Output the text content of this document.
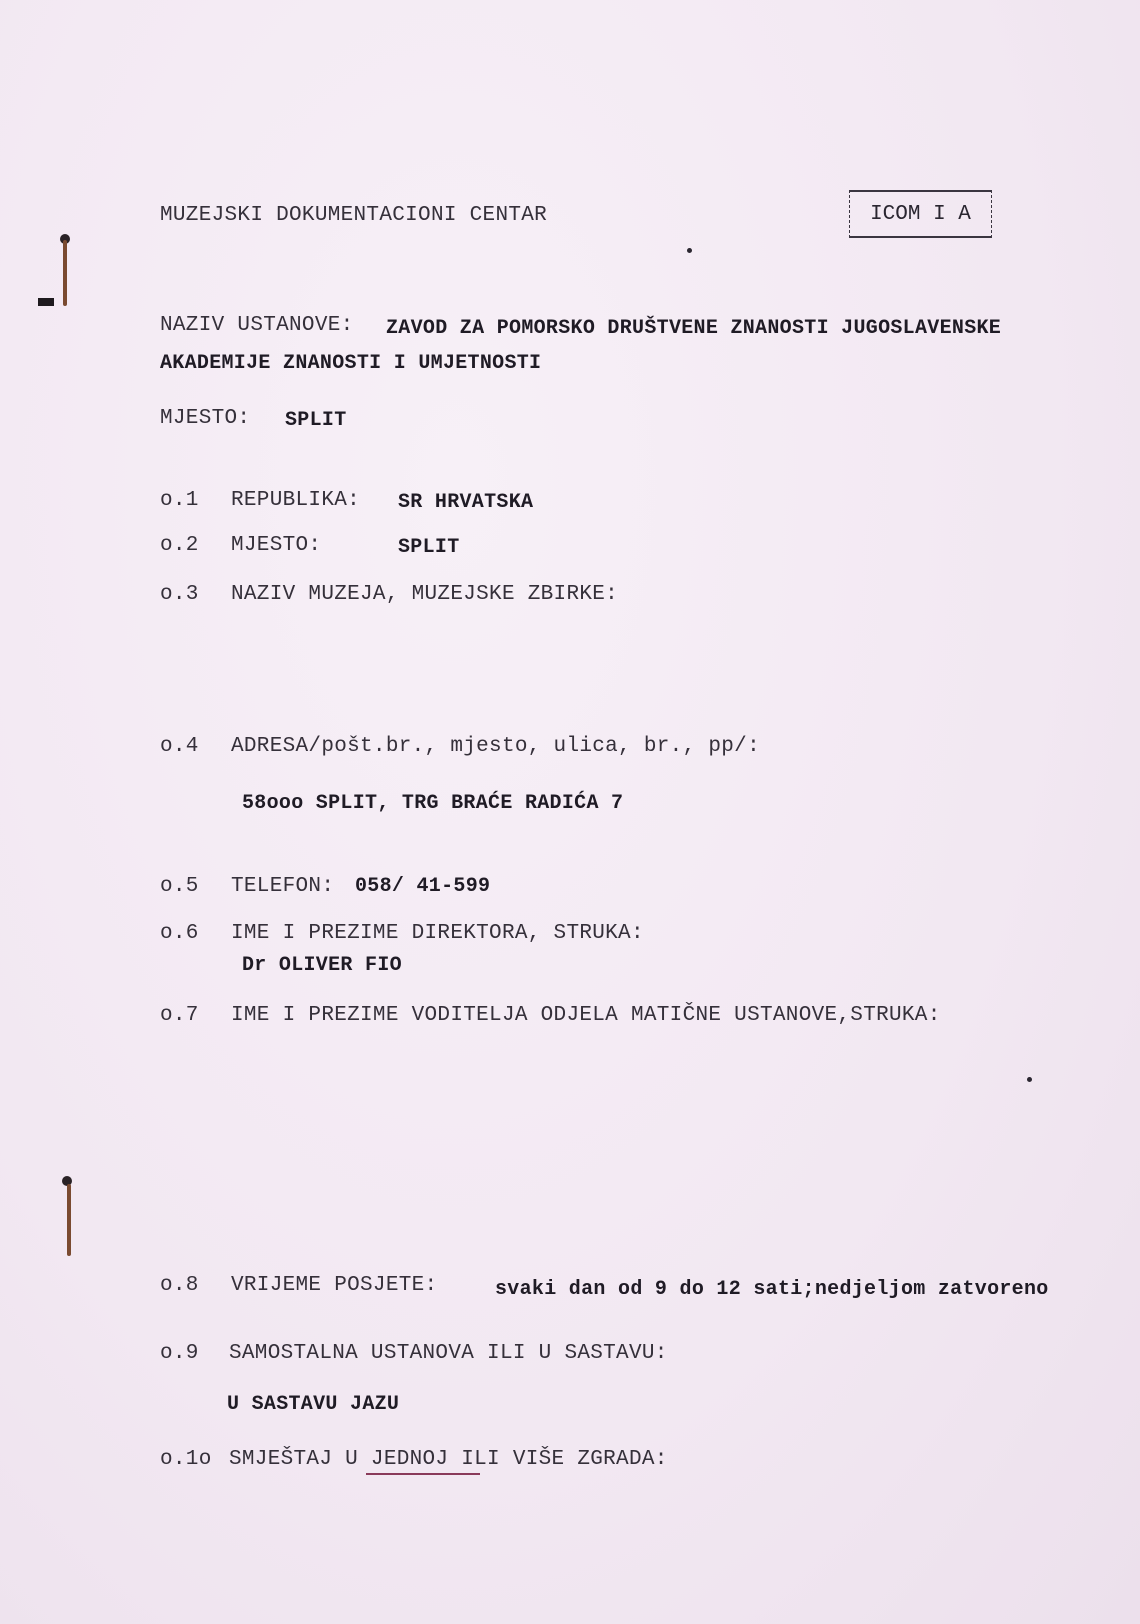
MUZEJSKI DOKUMENTACIONI CENTAR	ICOM I A
NAZIV USTANOVE: ZAVOD ZA POMORSKO DRUŠTVENE ZNANOSTI JUGOSLAVENSKE
AKADEMIJE ZNANOSTI I UMJETNOSTI
MJESTO: SPLIT
o.1 REPUBLIKA: SR HRVATSKA
o.2 MJESTO:	SPLIT
o.3 NAZIV MUZEJA, MUZEJSKE ZBIRKE:
o.4 ADRESA/pošt.br., mjesto, ulica, br., pp/:
58ooo SPLIT, TRG BRAĆE RADIĆA 7
o.5 TELEFON: 058/ 41-599
o.6 IME I PREZIME DIREKTORA, STRUKA:
Dr OLIVER FIO
o.7 IME I PREZIME VODITELJA ODJELA MATIČNE USTANOVE,STRUKA:
o.8 VRIJEME POSJETE:	svaki dan od 9 do 12 sati;nedjeljom zatvoreno
o.9 SAMOSTALNA USTANOVA ILI U SASTAVU:
U SASTAVU JAZU
o.1o SMJEŠTAJ U JEDNOJ ILI VIŠE ZGRADA:
